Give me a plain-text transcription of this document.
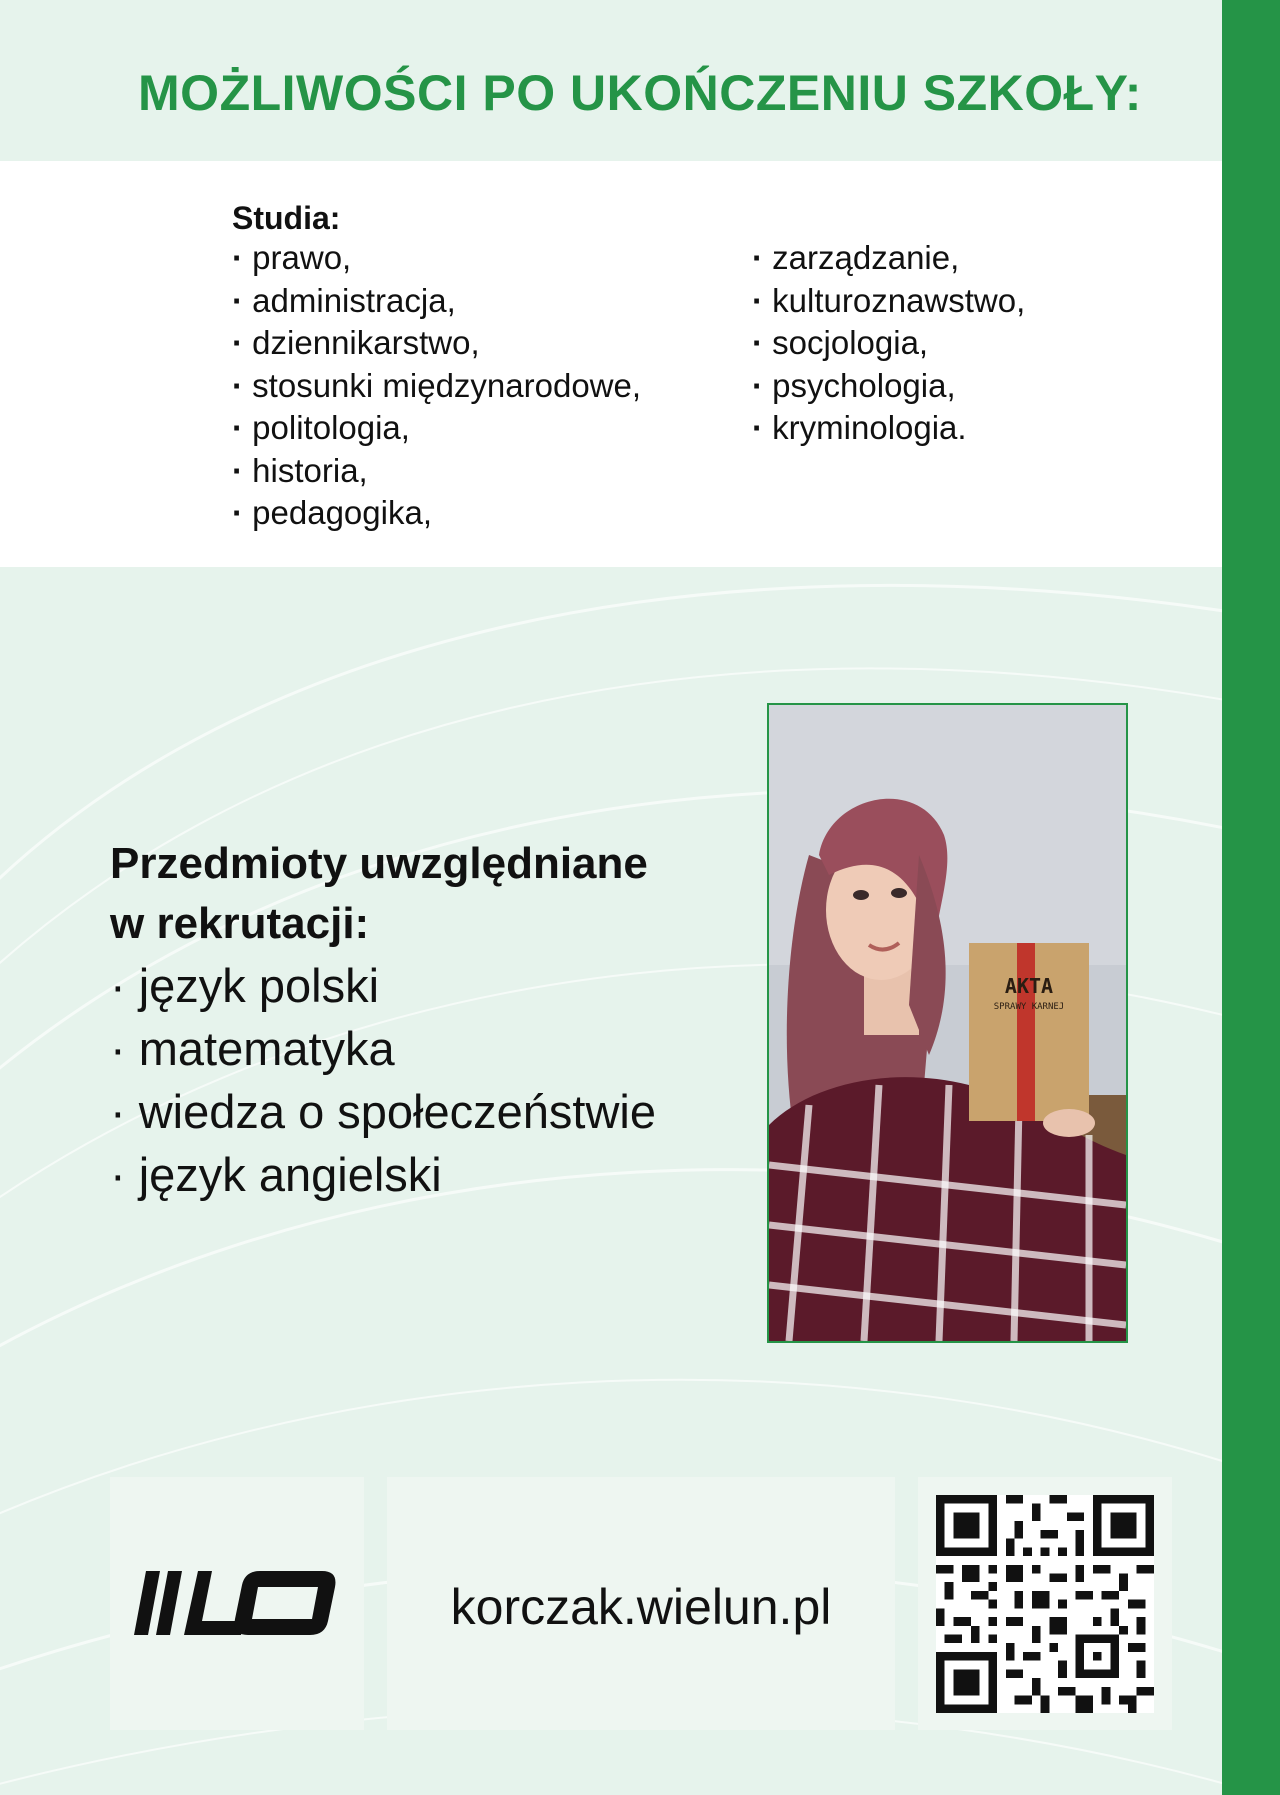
MOŻLIWOŚCI PO UKOŃCZENIU SZKOŁY:

Studia:

· prawo,
· administracja,
· dziennikarstwo,
· stosunki międzynarodowe,
· politologia,
· historia,
· pedagogika,
· zarządzanie,
· kulturoznawstwo,
· socjologia,
· psychologia,
· kryminologia.

Przedmioty uwzględniane
w rekrutacji:

· język polski
· matematyka
· wiedza o społeczeństwie
· język angielski
AKTA
SPRAWY KARNEJ
korczak.wielun.pl
